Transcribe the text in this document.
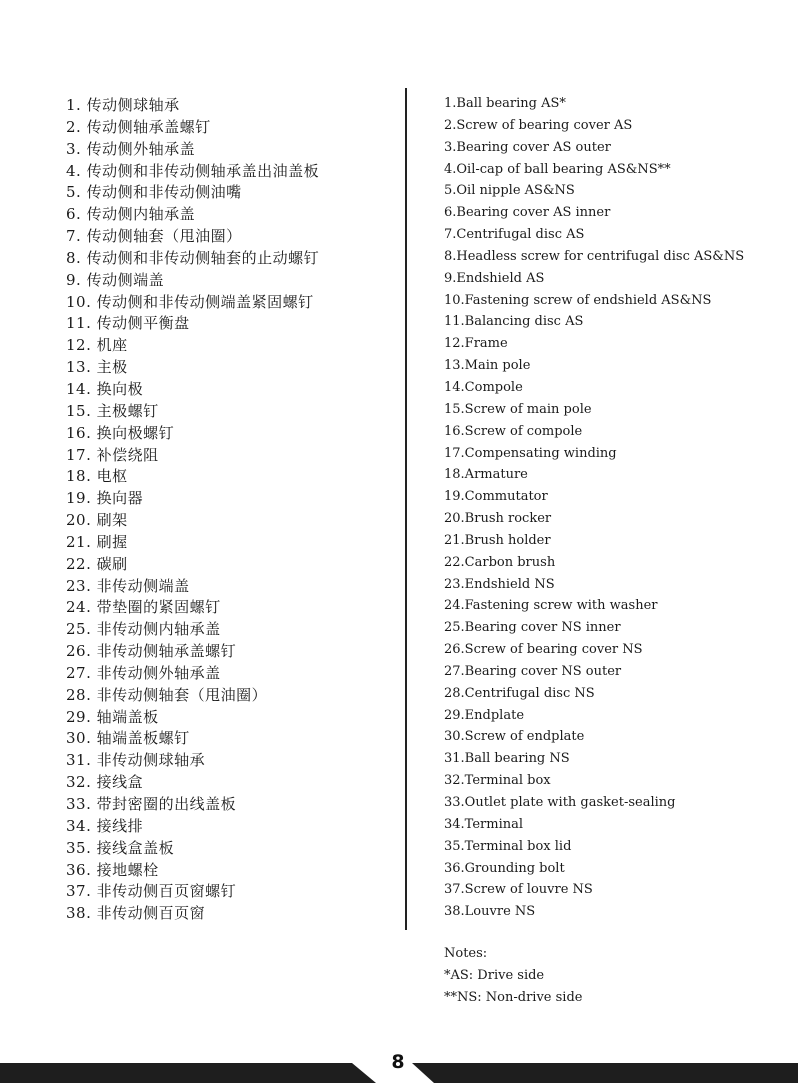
1. 传动侧球轴承
2. 传动侧轴承盖螺钉
3. 传动侧外轴承盖
4. 传动侧和非传动侧轴承盖出油盖板
5. 传动侧和非传动侧油嘴
6. 传动侧内轴承盖
7. 传动侧轴套（甩油圈）
8. 传动侧和非传动侧轴套的止动螺钉
9. 传动侧端盖
10. 传动侧和非传动侧端盖紧固螺钉
11. 传动侧平衡盘
12. 机座
13. 主极
14. 换向极
15. 主极螺钉
16. 换向极螺钉
17. 补偿绕阻
18. 电枢
19. 换向器
20. 刷架
21. 刷握
22. 碳刷
23. 非传动侧端盖
24. 带垫圈的紧固螺钉
25. 非传动侧内轴承盖
26. 非传动侧轴承盖螺钉
27. 非传动侧外轴承盖
28. 非传动侧轴套（甩油圈）
29. 轴端盖板
30. 轴端盖板螺钉
31. 非传动侧球轴承
32. 接线盒
33. 带封密圈的出线盖板
34. 接线排
35. 接线盒盖板
36. 接地螺栓
37. 非传动侧百页窗螺钉
38. 非传动侧百页窗
1.Ball bearing AS*
2.Screw of bearing cover AS
3.Bearing cover AS outer
4.Oil-cap of ball bearing AS&NS**
5.Oil nipple AS&NS
6.Bearing cover AS inner
7.Centrifugal disc AS
8.Headless screw for centrifugal disc AS&NS
9.Endshield AS
10.Fastening screw of endshield AS&NS
11.Balancing disc AS
12.Frame
13.Main pole
14.Compole
15.Screw of main pole
16.Screw of compole
17.Compensating winding
18.Armature
19.Commutator
20.Brush rocker
21.Brush holder
22.Carbon brush
23.Endshield NS
24.Fastening screw with washer
25.Bearing cover NS inner
26.Screw of bearing cover NS
27.Bearing cover NS outer
28.Centrifugal disc NS
29.Endplate
30.Screw of endplate
31.Ball bearing NS
32.Terminal box
33.Outlet plate with gasket-sealing
34.Terminal
35.Terminal box lid
36.Grounding bolt
37.Screw of louvre NS
38.Louvre NS
Notes:
*AS: Drive side
**NS: Non-drive side
8
